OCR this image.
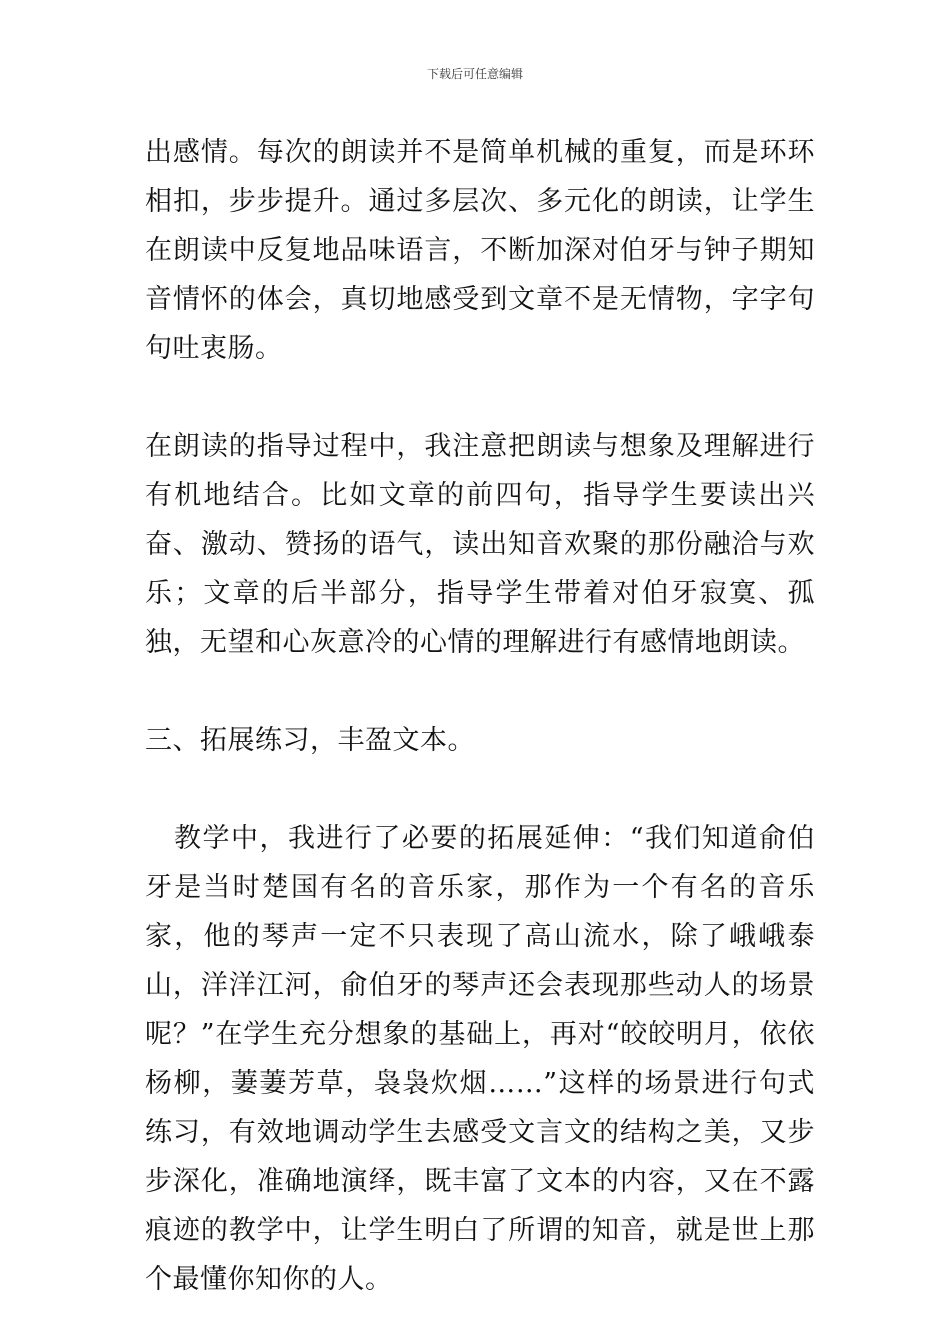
下载后可任意编辑

出感情。每次的朗读并不是简单机械的重复，而是环环相扣，步步提升。通过多层次、多元化的朗读，让学生在朗读中反复地品味语言，不断加深对伯牙与钟子期知音情怀的体会，真切地感受到文章不是无情物，字字句句吐衷肠。

在朗读的指导过程中，我注意把朗读与想象及理解进行有机地结合。比如文章的前四句，指导学生要读出兴奋、激动、赞扬的语气，读出知音欢聚的那份融洽与欢乐；文章的后半部分，指导学生带着对伯牙寂寞、孤独，无望和心灰意冷的心情的理解进行有感情地朗读。

三、拓展练习，丰盈文本。

教学中，我进行了必要的拓展延伸：“我们知道俞伯牙是当时楚国有名的音乐家，那作为一个有名的音乐家，他的琴声一定不只表现了高山流水，除了峨峨泰山，洋洋江河，俞伯牙的琴声还会表现那些动人的场景呢？”在学生充分想象的基础上，再对“皎皎明月，依依杨柳，萋萋芳草，袅袅炊烟……”这样的场景进行句式练习，有效地调动学生去感受文言文的结构之美，又步步深化，准确地演绎，既丰富了文本的内容，又在不露痕迹的教学中，让学生明白了所谓的知音，就是世上那个最懂你知你的人。
